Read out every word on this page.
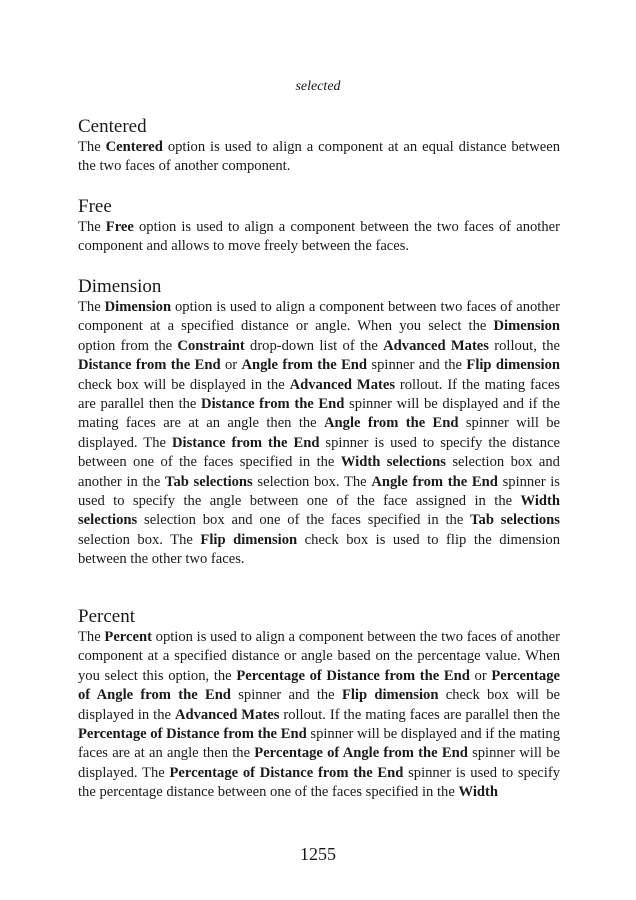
selected
Centered

The Centered option is used to align a component at an equal distance between the two faces of another component.

Free

The Free option is used to align a component between the two faces of another component and allows to move freely between the faces.

Dimension

The Dimension option is used to align a component between two faces of another component at a specified distance or angle. When you select the Dimension option from the Constraint drop-down list of the Advanced Mates rollout, the Distance from the End or Angle from the End spinner and the Flip dimension check box will be displayed in the Advanced Mates rollout. If the mating faces are parallel then the Distance from the End spinner will be displayed and if the mating faces are at an angle then the Angle from the End spinner will be displayed. The Distance from the End spinner is used to specify the distance between one of the faces specified in the Width selections selection box and another in the Tab selections selection box. The Angle from the End spinner is used to specify the angle between one of the face assigned in the Width selections selection box and one of the faces specified in the Tab selections selection box. The Flip dimension check box is used to flip the dimension between the other two faces.

Percent

The Percent option is used to align a component between the two faces of another component at a specified distance or angle based on the percentage value. When you select this option, the Percentage of Distance from the End or Percentage of Angle from the End spinner and the Flip dimension check box will be displayed in the Advanced Mates rollout. If the mating faces are parallel then the Percentage of Distance from the End spinner will be displayed and if the mating faces are at an angle then the Percentage of Angle from the End spinner will be displayed. The Percentage of Distance from the End spinner is used to specify the percentage distance between one of the faces specified in the Width

1255
